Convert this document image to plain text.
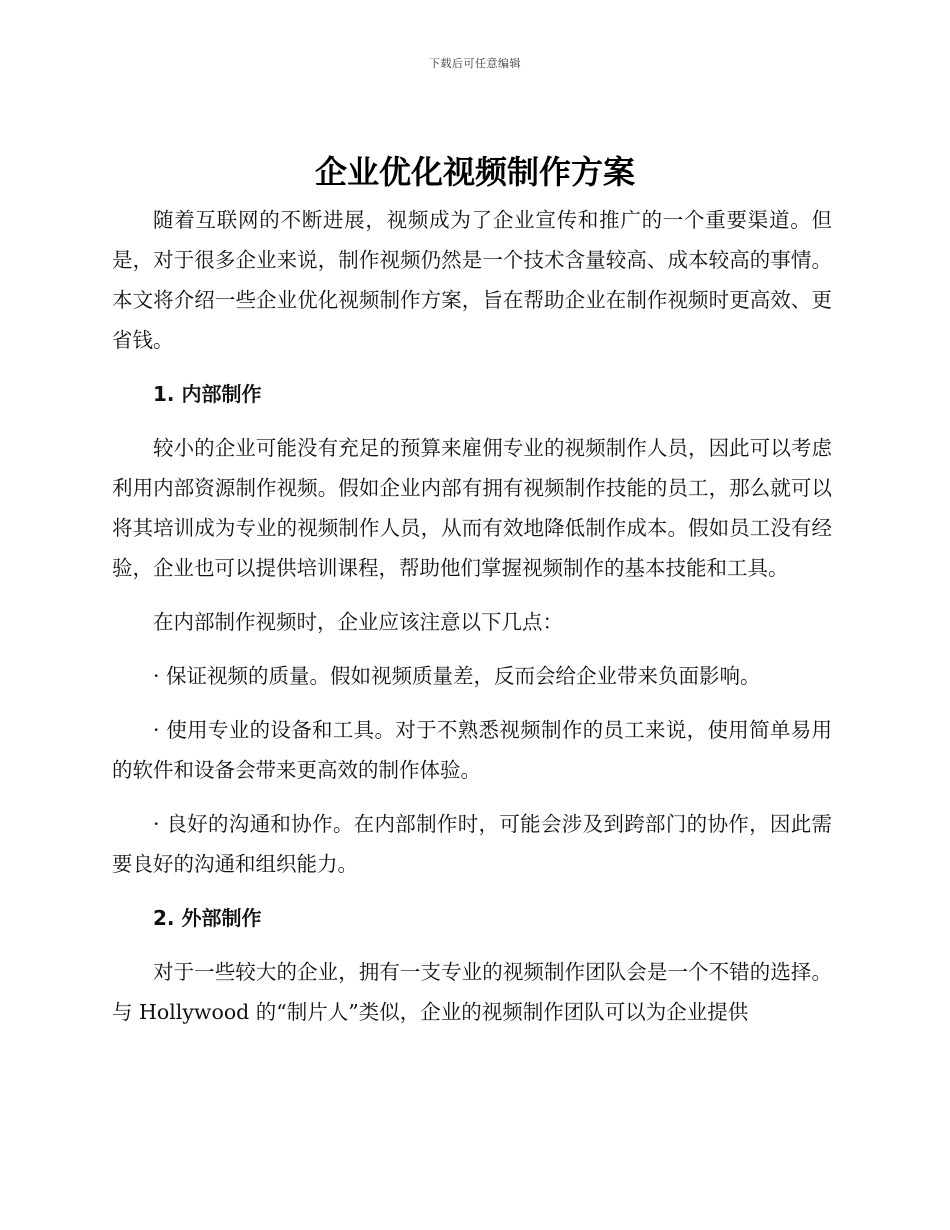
下载后可任意编辑
企业优化视频制作方案

随着互联网的不断进展，视频成为了企业宣传和推广的一个重要渠道。但是，对于很多企业来说，制作视频仍然是一个技术含量较高、成本较高的事情。本文将介绍一些企业优化视频制作方案，旨在帮助企业在制作视频时更高效、更省钱。

1. 内部制作

较小的企业可能没有充足的预算来雇佣专业的视频制作人员，因此可以考虑利用内部资源制作视频。假如企业内部有拥有视频制作技能的员工，那么就可以将其培训成为专业的视频制作人员，从而有效地降低制作成本。假如员工没有经验，企业也可以提供培训课程，帮助他们掌握视频制作的基本技能和工具。

在内部制作视频时，企业应该注意以下几点：

· 保证视频的质量。假如视频质量差，反而会给企业带来负面影响。

· 使用专业的设备和工具。对于不熟悉视频制作的员工来说，使用简单易用的软件和设备会带来更高效的制作体验。

· 良好的沟通和协作。在内部制作时，可能会涉及到跨部门的协作，因此需要良好的沟通和组织能力。

2. 外部制作

对于一些较大的企业，拥有一支专业的视频制作团队会是一个不错的选择。与 Hollywood 的“制片人”类似，企业的视频制作团队可以为企业提供
